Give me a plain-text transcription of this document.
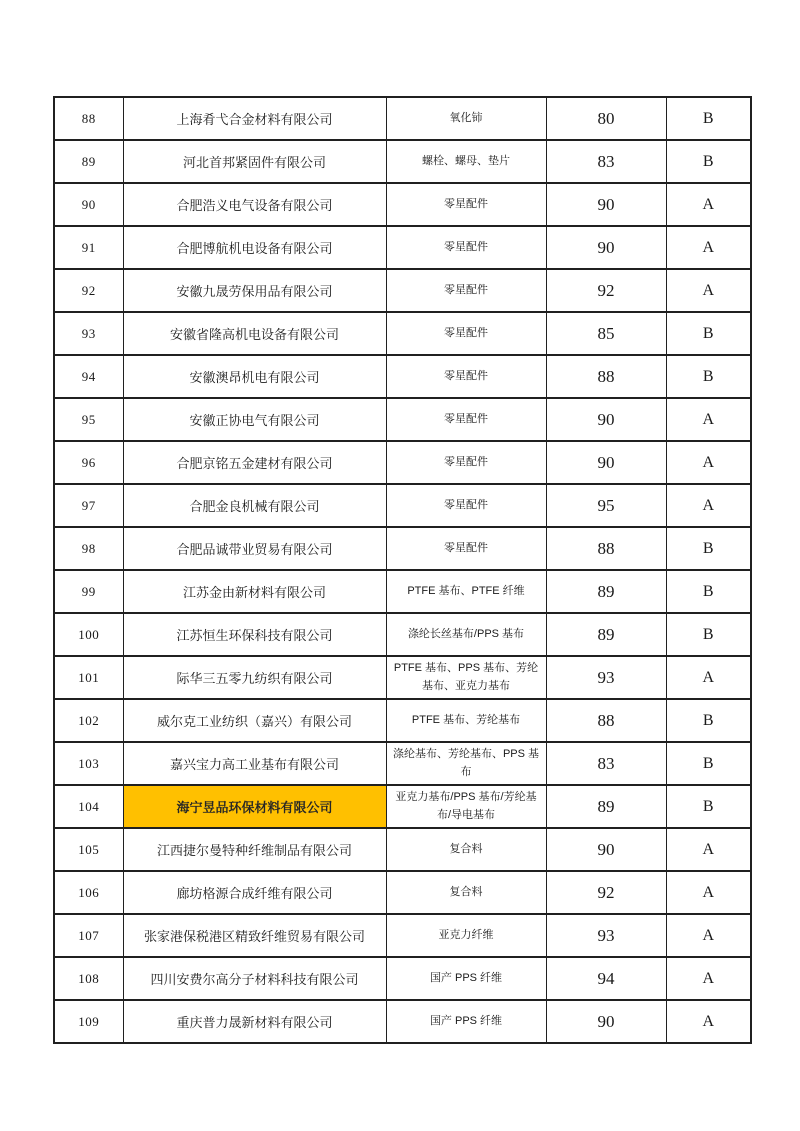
88	上海肴弋合金材料有限公司	氧化铈	80	B
89	河北首邦紧固件有限公司	螺栓、螺母、垫片	83	B
90	合肥浩义电气设备有限公司	零星配件	90	A
91	合肥博航机电设备有限公司	零星配件	90	A
92	安徽九晟劳保用品有限公司	零星配件	92	A
93	安徽省隆高机电设备有限公司	零星配件	85	B
94	安徽澳昂机电有限公司	零星配件	88	B
95	安徽正协电气有限公司	零星配件	90	A
96	合肥京铭五金建材有限公司	零星配件	90	A
97	合肥金良机械有限公司	零星配件	95	A
98	合肥品诚带业贸易有限公司	零星配件	88	B
99	江苏金由新材料有限公司	PTFE 基布、PTFE 纤维	89	B
100	江苏恒生环保科技有限公司	涤纶长丝基布/PPS 基布	89	B
101	际华三五零九纺织有限公司	PTFE 基布、PPS 基布、芳纶基布、亚克力基布	93	A
102	威尔克工业纺织（嘉兴）有限公司	PTFE 基布、芳纶基布	88	B
103	嘉兴宝力高工业基布有限公司	涤纶基布、芳纶基布、PPS 基布	83	B
104	海宁昱品环保材料有限公司	亚克力基布/PPS 基布/芳纶基布/导电基布	89	B
105	江西捷尔曼特种纤维制品有限公司	复合料	90	A
106	廊坊格源合成纤维有限公司	复合料	92	A
107	张家港保税港区精致纤维贸易有限公司	亚克力纤维	93	A
108	四川安费尔高分子材料科技有限公司	国产 PPS 纤维	94	A
109	重庆普力晟新材料有限公司	国产 PPS 纤维	90	A
